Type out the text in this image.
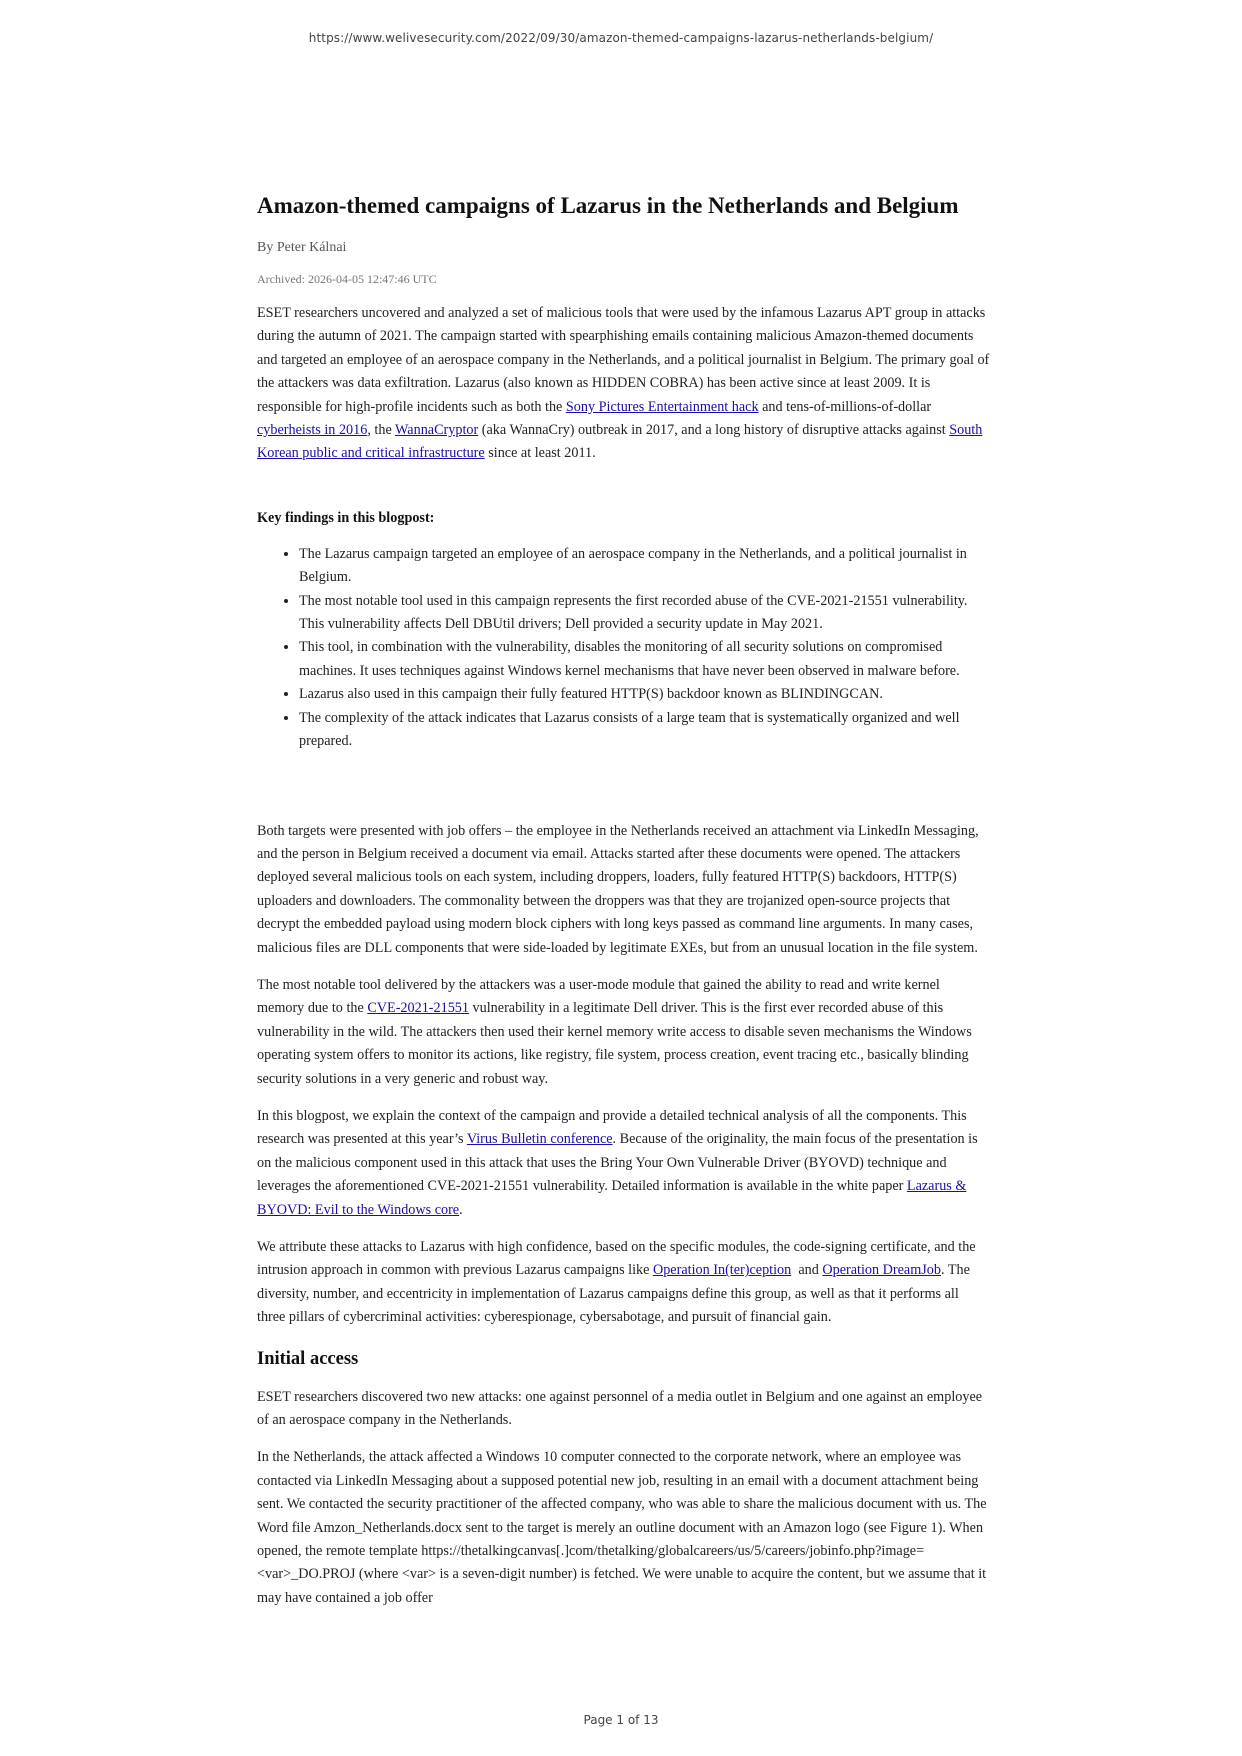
https://www.welivesecurity.com/2022/09/30/amazon-themed-campaigns-lazarus-netherlands-belgium/
Amazon-themed campaigns of Lazarus in the Netherlands and Belgium
By Peter Kálnai
Archived: 2026-04-05 12:47:46 UTC

ESET researchers uncovered and analyzed a set of malicious tools that were used by the infamous Lazarus APT group in attacks during the autumn of 2021. The campaign started with spearphishing emails containing malicious Amazon-themed documents and targeted an employee of an aerospace company in the Netherlands, and a political journalist in Belgium. The primary goal of the attackers was data exfiltration. Lazarus (also known as HIDDEN COBRA) has been active since at least 2009. It is responsible for high-profile incidents such as both the Sony Pictures Entertainment hack and tens-of-millions-of-dollar cyberheists in 2016, the WannaCryptor (aka WannaCry) outbreak in 2017, and a long history of disruptive attacks against South Korean public and critical infrastructure since at least 2011.

Key findings in this blogpost:
• The Lazarus campaign targeted an employee of an aerospace company in the Netherlands, and a political journalist in Belgium.
• The most notable tool used in this campaign represents the first recorded abuse of the CVE-2021-21551 vulnerability. This vulnerability affects Dell DBUtil drivers; Dell provided a security update in May 2021.
• This tool, in combination with the vulnerability, disables the monitoring of all security solutions on compromised machines. It uses techniques against Windows kernel mechanisms that have never been observed in malware before.
• Lazarus also used in this campaign their fully featured HTTP(S) backdoor known as BLINDINGCAN.
• The complexity of the attack indicates that Lazarus consists of a large team that is systematically organized and well prepared.

Both targets were presented with job offers – the employee in the Netherlands received an attachment via LinkedIn Messaging, and the person in Belgium received a document via email. Attacks started after these documents were opened. The attackers deployed several malicious tools on each system, including droppers, loaders, fully featured HTTP(S) backdoors, HTTP(S) uploaders and downloaders. The commonality between the droppers was that they are trojanized open-source projects that decrypt the embedded payload using modern block ciphers with long keys passed as command line arguments. In many cases, malicious files are DLL components that were side-loaded by legitimate EXEs, but from an unusual location in the file system.

The most notable tool delivered by the attackers was a user-mode module that gained the ability to read and write kernel memory due to the CVE-2021-21551 vulnerability in a legitimate Dell driver. This is the first ever recorded abuse of this vulnerability in the wild. The attackers then used their kernel memory write access to disable seven mechanisms the Windows operating system offers to monitor its actions, like registry, file system, process creation, event tracing etc., basically blinding security solutions in a very generic and robust way.

In this blogpost, we explain the context of the campaign and provide a detailed technical analysis of all the components. This research was presented at this year’s Virus Bulletin conference. Because of the originality, the main focus of the presentation is on the malicious component used in this attack that uses the Bring Your Own Vulnerable Driver (BYOVD) technique and leverages the aforementioned CVE-2021-21551 vulnerability. Detailed information is available in the white paper Lazarus & BYOVD: Evil to the Windows core.

We attribute these attacks to Lazarus with high confidence, based on the specific modules, the code-signing certificate, and the intrusion approach in common with previous Lazarus campaigns like Operation In(ter)ception  and Operation DreamJob. The diversity, number, and eccentricity in implementation of Lazarus campaigns define this group, as well as that it performs all three pillars of cybercriminal activities: cyberespionage, cybersabotage, and pursuit of financial gain.

Initial access

ESET researchers discovered two new attacks: one against personnel of a media outlet in Belgium and one against an employee of an aerospace company in the Netherlands.

In the Netherlands, the attack affected a Windows 10 computer connected to the corporate network, where an employee was contacted via LinkedIn Messaging about a supposed potential new job, resulting in an email with a document attachment being sent. We contacted the security practitioner of the affected company, who was able to share the malicious document with us. The Word file Amzon_Netherlands.docx sent to the target is merely an outline document with an Amazon logo (see Figure 1). When opened, the remote template https://thetalkingcanvas[.]com/thetalking/globalcareers/us/5/careers/jobinfo.php?image=<var>_DO.PROJ (where <var> is a seven-digit number) is fetched. We were unable to acquire the content, but we assume that it may have contained a job offer

Page 1 of 13
